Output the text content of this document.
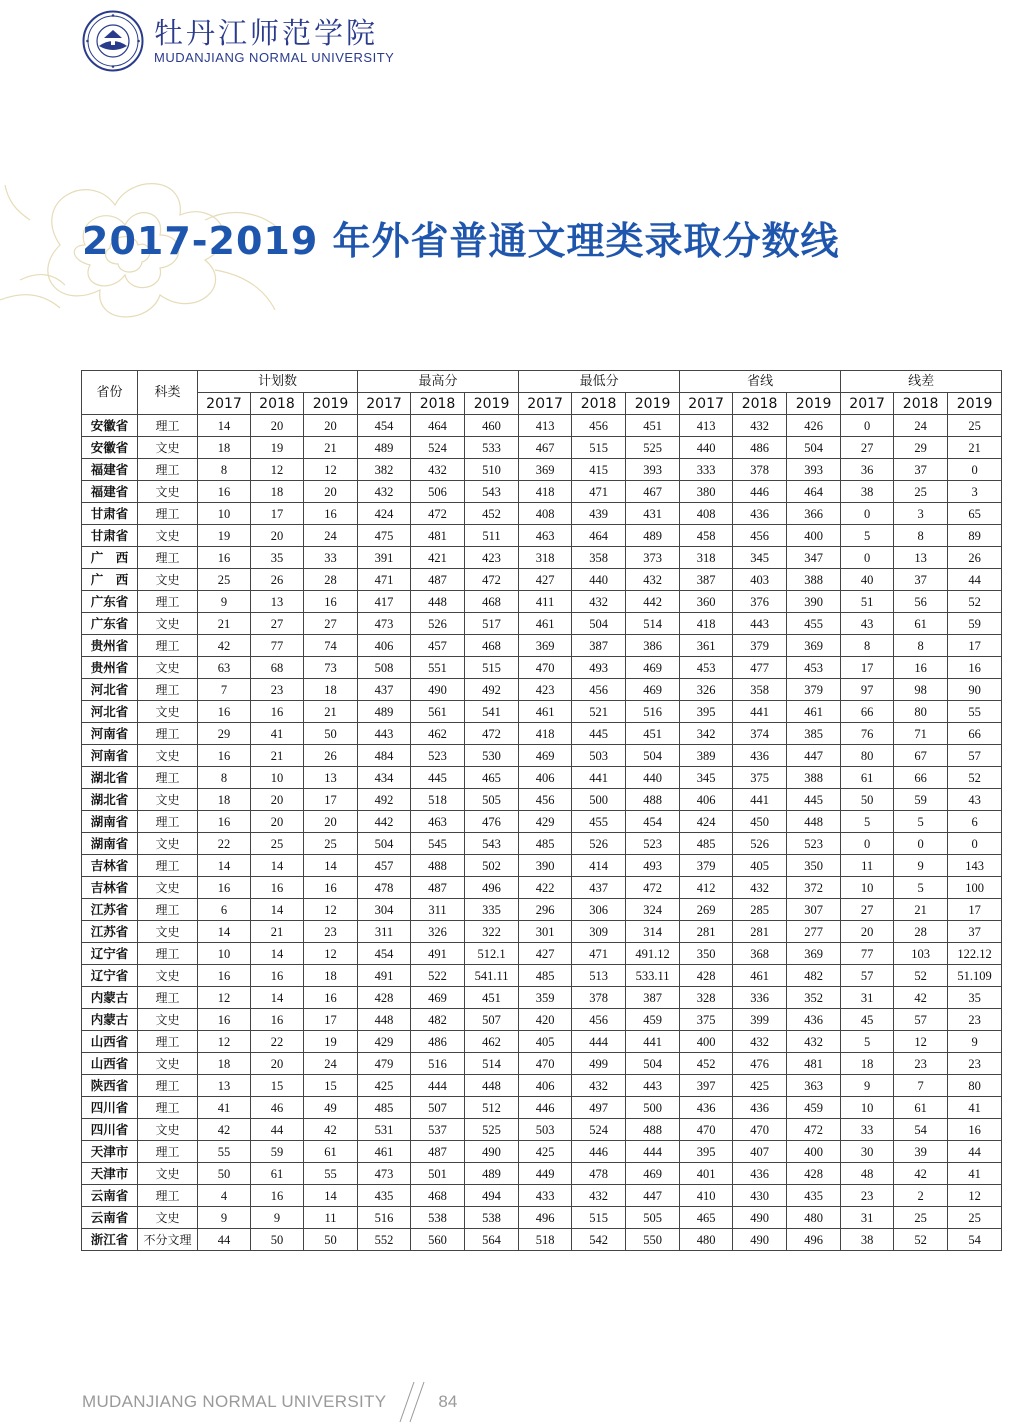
牡丹江师范学院
MUDANJIANG NORMAL UNIVERSITY
2017-2019 年外省普通文理类录取分数线
省份	科类	计划数			最高分			最低分			省线			线差		
		2017	2018	2019	2017	2018	2019	2017	2018	2019	2017	2018	2019	2017	2018	2019
安徽省	理工	14	20	20	454	464	460	413	456	451	413	432	426	0	24	25
安徽省	文史	18	19	21	489	524	533	467	515	525	440	486	504	27	29	21
福建省	理工	8	12	12	382	432	510	369	415	393	333	378	393	36	37	0
福建省	文史	16	18	20	432	506	543	418	471	467	380	446	464	38	25	3
甘肃省	理工	10	17	16	424	472	452	408	439	431	408	436	366	0	3	65
甘肃省	文史	19	20	24	475	481	511	463	464	489	458	456	400	5	8	89
广　西	理工	16	35	33	391	421	423	318	358	373	318	345	347	0	13	26
广　西	文史	25	26	28	471	487	472	427	440	432	387	403	388	40	37	44
广东省	理工	9	13	16	417	448	468	411	432	442	360	376	390	51	56	52
广东省	文史	21	27	27	473	526	517	461	504	514	418	443	455	43	61	59
贵州省	理工	42	77	74	406	457	468	369	387	386	361	379	369	8	8	17
贵州省	文史	63	68	73	508	551	515	470	493	469	453	477	453	17	16	16
河北省	理工	7	23	18	437	490	492	423	456	469	326	358	379	97	98	90
河北省	文史	16	16	21	489	561	541	461	521	516	395	441	461	66	80	55
河南省	理工	29	41	50	443	462	472	418	445	451	342	374	385	76	71	66
河南省	文史	16	21	26	484	523	530	469	503	504	389	436	447	80	67	57
湖北省	理工	8	10	13	434	445	465	406	441	440	345	375	388	61	66	52
湖北省	文史	18	20	17	492	518	505	456	500	488	406	441	445	50	59	43
湖南省	理工	16	20	20	442	463	476	429	455	454	424	450	448	5	5	6
湖南省	文史	22	25	25	504	545	543	485	526	523	485	526	523	0	0	0
吉林省	理工	14	14	14	457	488	502	390	414	493	379	405	350	11	9	143
吉林省	文史	16	16	16	478	487	496	422	437	472	412	432	372	10	5	100
江苏省	理工	6	14	12	304	311	335	296	306	324	269	285	307	27	21	17
江苏省	文史	14	21	23	311	326	322	301	309	314	281	281	277	20	28	37
辽宁省	理工	10	14	12	454	491	512.1	427	471	491.12	350	368	369	77	103	122.12
辽宁省	文史	16	16	18	491	522	541.11	485	513	533.11	428	461	482	57	52	51.109
内蒙古	理工	12	14	16	428	469	451	359	378	387	328	336	352	31	42	35
内蒙古	文史	16	16	17	448	482	507	420	456	459	375	399	436	45	57	23
山西省	理工	12	22	19	429	486	462	405	444	441	400	432	432	5	12	9
山西省	文史	18	20	24	479	516	514	470	499	504	452	476	481	18	23	23
陕西省	理工	13	15	15	425	444	448	406	432	443	397	425	363	9	7	80
四川省	理工	41	46	49	485	507	512	446	497	500	436	436	459	10	61	41
四川省	文史	42	44	42	531	537	525	503	524	488	470	470	472	33	54	16
天津市	理工	55	59	61	461	487	490	425	446	444	395	407	400	30	39	44
天津市	文史	50	61	55	473	501	489	449	478	469	401	436	428	48	42	41
云南省	理工	4	16	14	435	468	494	433	432	447	410	430	435	23	2	12
云南省	文史	9	9	11	516	538	538	496	515	505	465	490	480	31	25	25
浙江省	不分文理	44	50	50	552	560	564	518	542	550	480	490	496	38	52	54
MUDANJIANG NORMAL UNIVERSITY	84
